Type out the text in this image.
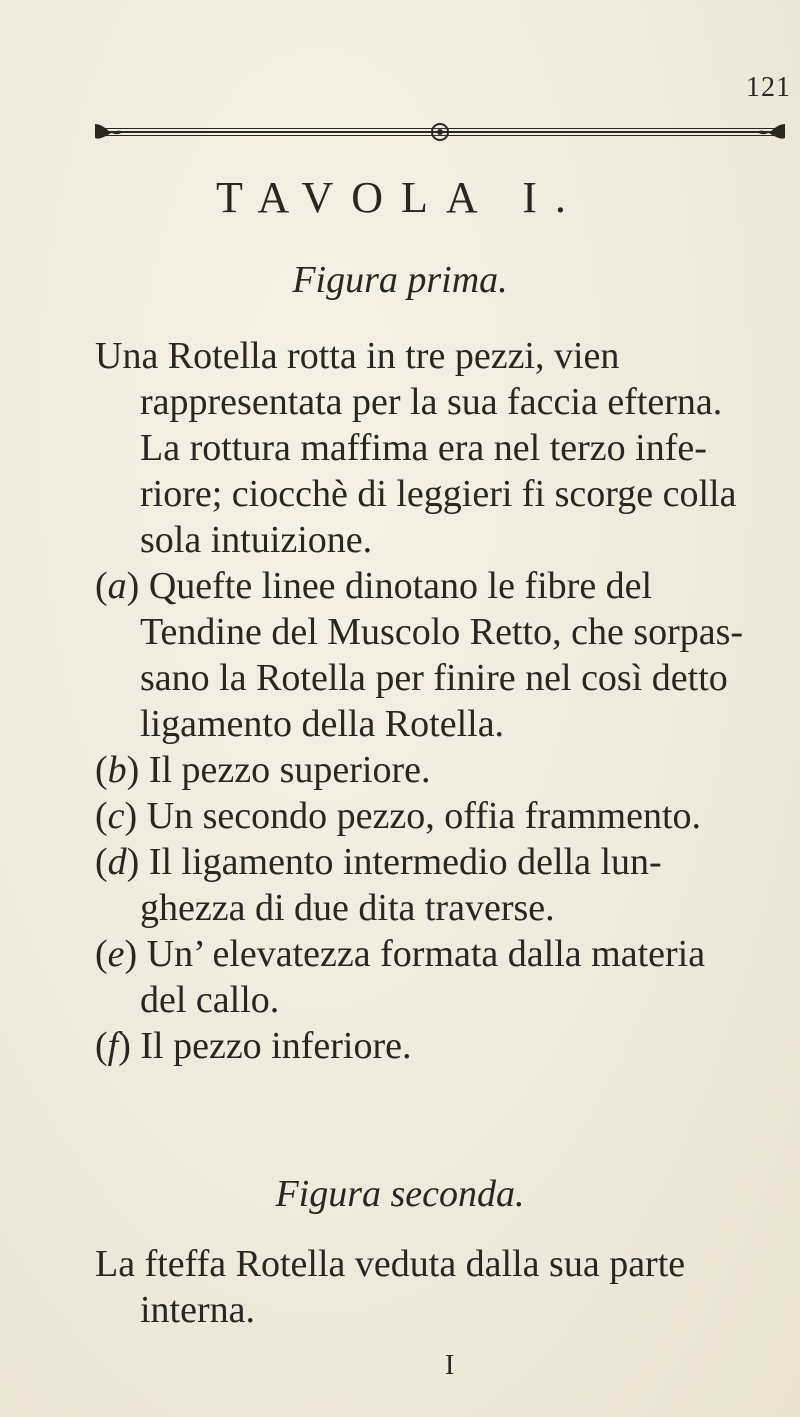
121
TAVOLA I.
Figura prima.
Una Rotella rotta in tre pezzi, vien
rappresentata per la sua faccia efterna.
La rottura maffima era nel terzo infe-
riore; ciocchè di leggieri fi scorge colla
sola intuizione.
(a) Quefte linee dinotano le fibre del
Tendine del Muscolo Retto, che sorpas-
sano la Rotella per finire nel così detto
ligamento della Rotella.
(b) Il pezzo superiore.
(c) Un secondo pezzo, offia frammento.
(d) Il ligamento intermedio della lun-
ghezza di due dita traverse.
(e) Un’ elevatezza formata dalla materia
del callo.
(f) Il pezzo inferiore.
Figura seconda.
La fteffa Rotella veduta dalla sua parte
interna.
I
